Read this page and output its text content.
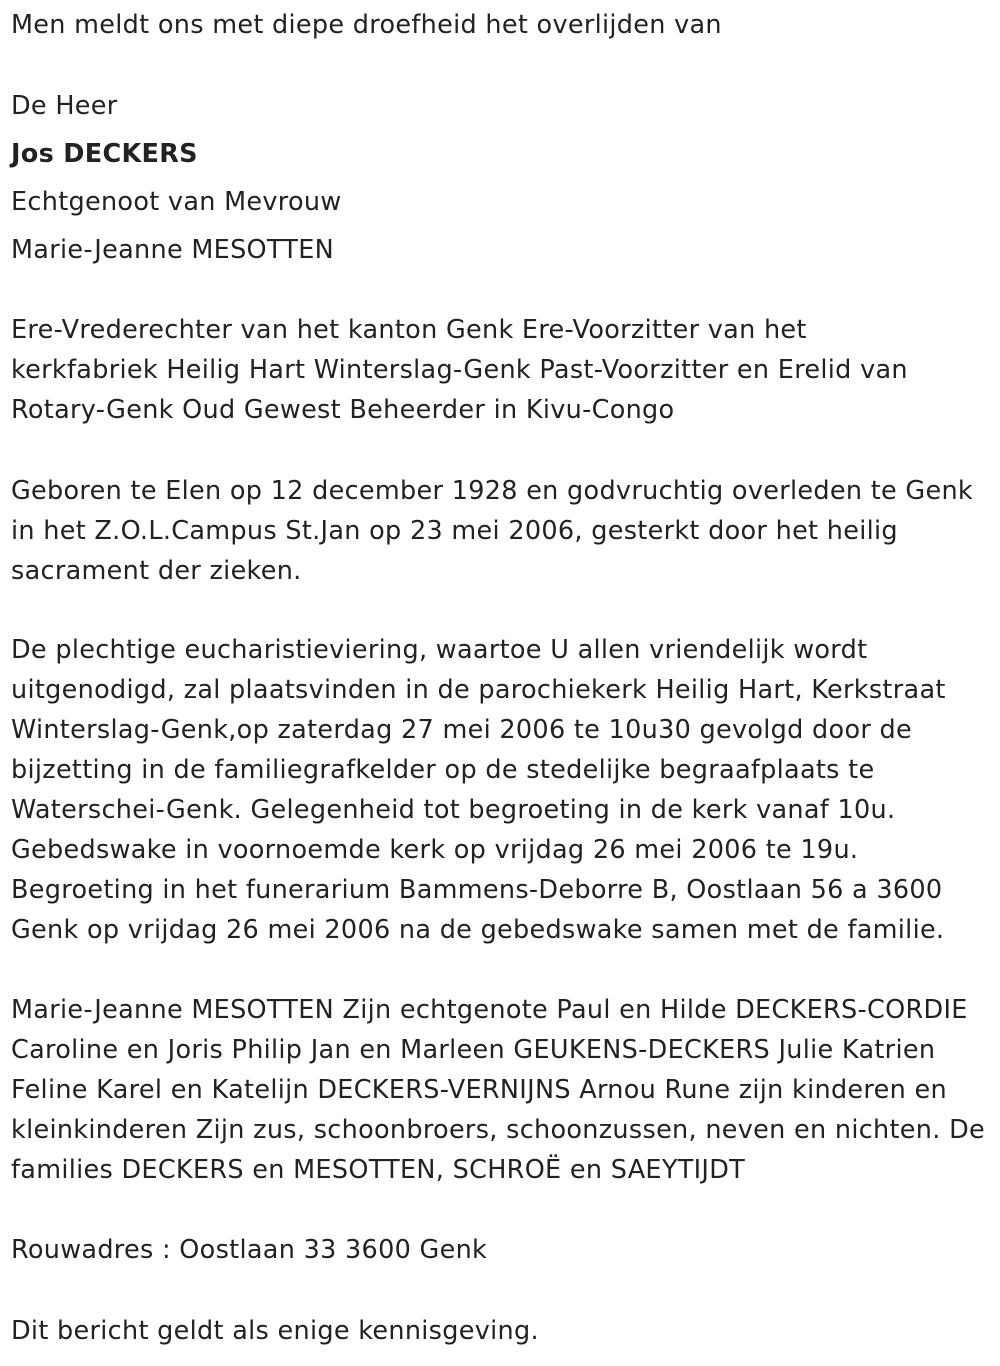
Men meldt ons met diepe droefheid het overlijden van
De Heer
Jos DECKERS
Echtgenoot van Mevrouw
Marie-Jeanne MESOTTEN
Ere-Vrederechter van het kanton Genk Ere-Voorzitter van het
kerkfabriek Heilig Hart Winterslag-Genk Past-Voorzitter en Erelid van
Rotary-Genk Oud Gewest Beheerder in Kivu-Congo
Geboren te Elen op 12 december 1928 en godvruchtig overleden te Genk
in het Z.O.L.Campus St.Jan op 23 mei 2006, gesterkt door het heilig
sacrament der zieken.
De plechtige eucharistieviering, waartoe U allen vriendelijk wordt
uitgenodigd, zal plaatsvinden in de parochiekerk Heilig Hart, Kerkstraat
Winterslag-Genk,op zaterdag 27 mei 2006 te 10u30 gevolgd door de
bijzetting in de familiegrafkelder op de stedelijke begraafplaats te
Waterschei-Genk. Gelegenheid tot begroeting in de kerk vanaf 10u.
Gebedswake in voornoemde kerk op vrijdag 26 mei 2006 te 19u.
Begroeting in het funerarium Bammens-Deborre B, Oostlaan 56 a 3600
Genk op vrijdag 26 mei 2006 na de gebedswake samen met de familie.
Marie-Jeanne MESOTTEN Zijn echtgenote Paul en Hilde DECKERS-CORDIE
Caroline en Joris Philip Jan en Marleen GEUKENS-DECKERS Julie Katrien
Feline Karel en Katelijn DECKERS-VERNIJNS Arnou Rune zijn kinderen en
kleinkinderen Zijn zus, schoonbroers, schoonzussen, neven en nichten. De
families DECKERS en MESOTTEN, SCHROË en SAEYTIJDT
Rouwadres : Oostlaan 33 3600 Genk
Dit bericht geldt als enige kennisgeving.
